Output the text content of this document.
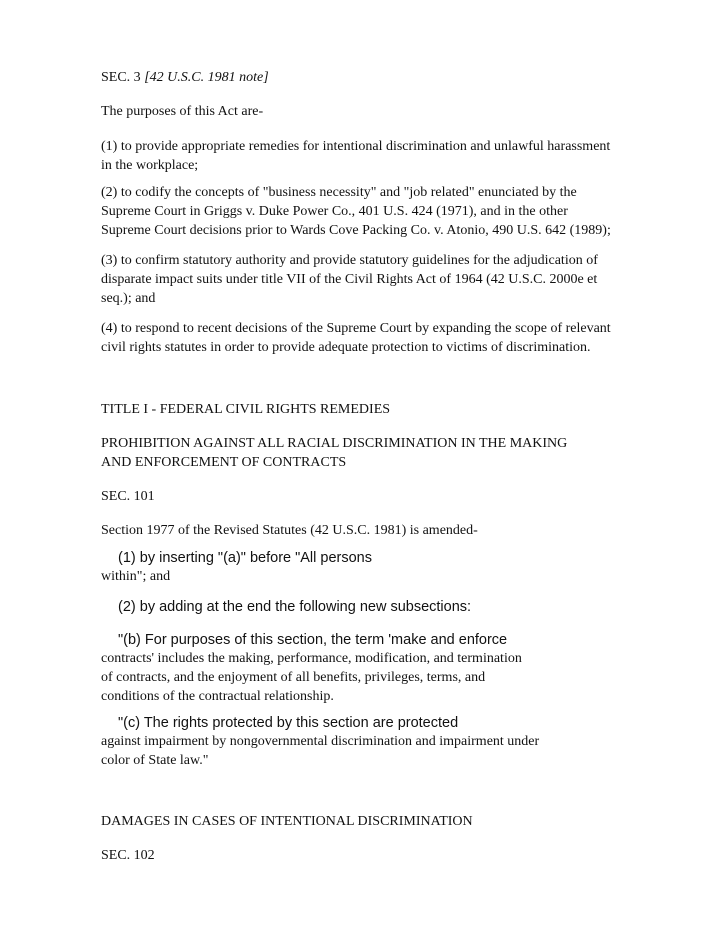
SEC. 3 [42 U.S.C. 1981 note]
The purposes of this Act are-
(1) to provide appropriate remedies for intentional discrimination and unlawful harassment
in the workplace;
(2) to codify the concepts of "business necessity" and "job related" enunciated by the
Supreme Court in Griggs v. Duke Power Co., 401 U.S. 424 (1971), and in the other
Supreme Court decisions prior to Wards Cove Packing Co. v. Atonio, 490 U.S. 642 (1989);
(3) to confirm statutory authority and provide statutory guidelines for the adjudication of
disparate impact suits under title VII of the Civil Rights Act of 1964 (42 U.S.C. 2000e et
seq.); and
(4) to respond to recent decisions of the Supreme Court by expanding the scope of relevant
civil rights statutes in order to provide adequate protection to victims of discrimination.
TITLE I - FEDERAL CIVIL RIGHTS REMEDIES
PROHIBITION AGAINST ALL RACIAL DISCRIMINATION IN THE MAKING
AND ENFORCEMENT OF CONTRACTS
SEC. 101
Section 1977 of the Revised Statutes (42 U.S.C. 1981) is amended-
(1) by inserting "(a)" before "All persons
within"; and
(2) by adding at the end the following new subsections:
"(b) For purposes of this section, the term 'make and enforce
contracts' includes the making, performance, modification, and termination
of contracts, and the enjoyment of all benefits, privileges, terms, and
conditions of the contractual relationship.
"(c) The rights protected by this section are protected
against impairment by nongovernmental discrimination and impairment under
color of State law."
DAMAGES IN CASES OF INTENTIONAL DISCRIMINATION
SEC. 102
